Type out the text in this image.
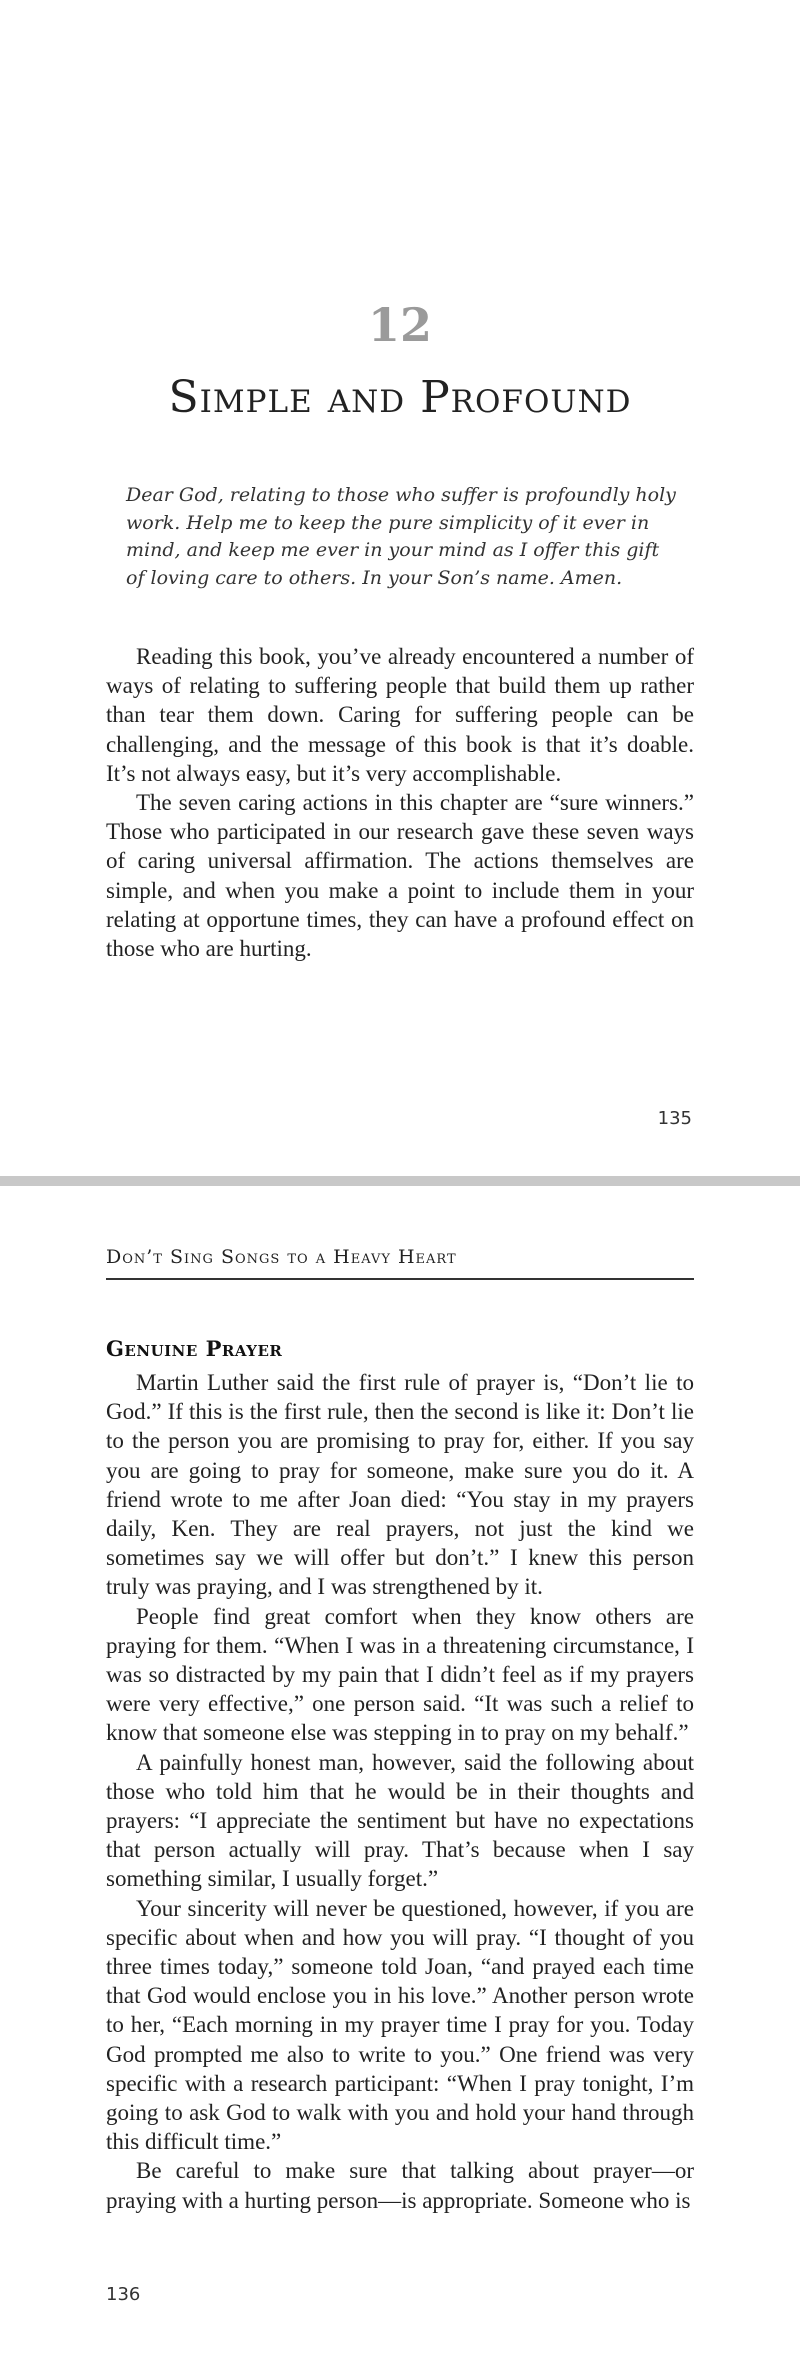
12
Simple and Profound

Dear God, relating to those who suffer is profoundly holy work. Help me to keep the pure simplicity of it ever in mind, and keep me ever in your mind as I offer this gift of loving care to others. In your Son’s name. Amen.

Reading this book, you’ve already encountered a number of ways of relating to suffering people that build them up rather than tear them down. Caring for suffering people can be challenging, and the message of this book is that it’s doable. It’s not always easy, but it’s very accomplishable.

The seven caring actions in this chapter are “sure winners.” Those who participated in our research gave these seven ways of caring universal affirmation. The actions themselves are simple, and when you make a point to include them in your relating at opportune times, they can have a profound effect on those who are hurting.

135
Don’t Sing Songs to a Heavy Heart
Genuine Prayer

Martin Luther said the first rule of prayer is, “Don’t lie to God.” If this is the first rule, then the second is like it: Don’t lie to the person you are promising to pray for, either. If you say you are going to pray for someone, make sure you do it. A friend wrote to me after Joan died: “You stay in my prayers daily, Ken. They are real prayers, not just the kind we sometimes say we will offer but don’t.” I knew this person truly was praying, and I was strengthened by it.

People find great comfort when they know others are praying for them. “When I was in a threatening circumstance, I was so distracted by my pain that I didn’t feel as if my prayers were very effective,” one person said. “It was such a relief to know that someone else was stepping in to pray on my behalf.”

A painfully honest man, however, said the following about those who told him that he would be in their thoughts and prayers: “I appreciate the sentiment but have no expectations that person actually will pray. That’s because when I say something similar, I usually forget.”

Your sincerity will never be questioned, however, if you are specific about when and how you will pray. “I thought of you three times today,” someone told Joan, “and prayed each time that God would enclose you in his love.” Another person wrote to her, “Each morning in my prayer time I pray for you. Today God prompted me also to write to you.” One friend was very specific with a research participant: “When I pray tonight, I’m going to ask God to walk with you and hold your hand through this difficult time.”

Be careful to make sure that talking about prayer—or praying with a hurting person—is appropriate. Someone who is

136
